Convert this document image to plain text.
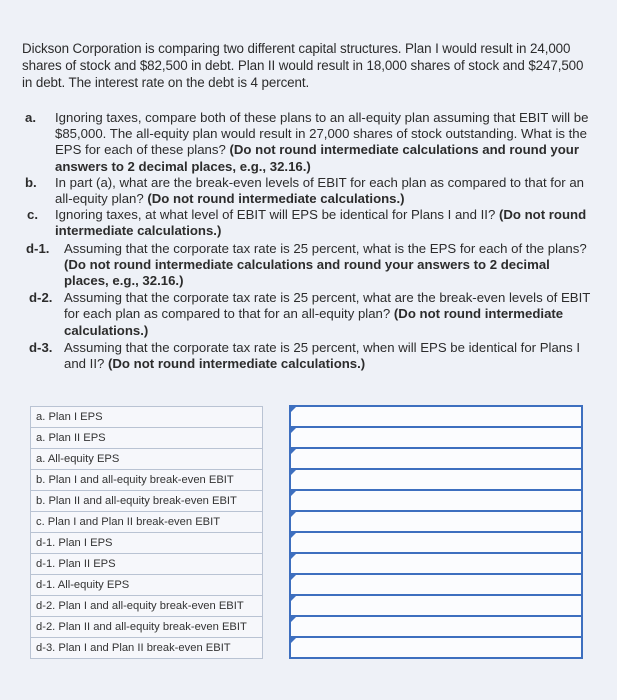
Dickson Corporation is comparing two different capital structures. Plan I would result in 24,000 shares of stock and $82,500 in debt. Plan II would result in 18,000 shares of stock and $247,500 in debt. The interest rate on the debt is 4 percent.
a. Ignoring taxes, compare both of these plans to an all-equity plan assuming that EBIT will be $85,000. The all-equity plan would result in 27,000 shares of stock outstanding. What is the EPS for each of these plans? (Do not round intermediate calculations and round your answers to 2 decimal places, e.g., 32.16.)
b. In part (a), what are the break-even levels of EBIT for each plan as compared to that for an all-equity plan? (Do not round intermediate calculations.)
c. Ignoring taxes, at what level of EBIT will EPS be identical for Plans I and II? (Do not round intermediate calculations.)
d-1. Assuming that the corporate tax rate is 25 percent, what is the EPS for each of the plans? (Do not round intermediate calculations and round your answers to 2 decimal places, e.g., 32.16.)
d-2. Assuming that the corporate tax rate is 25 percent, what are the break-even levels of EBIT for each plan as compared to that for an all-equity plan? (Do not round intermediate calculations.)
d-3. Assuming that the corporate tax rate is 25 percent, when will EPS be identical for Plans I and II? (Do not round intermediate calculations.)
a. Plan I EPS		

a. Plan II EPS		

a. All-equity EPS		

b. Plan I and all-equity break-even EBIT		

b. Plan II and all-equity break-even EBIT		

c. Plan I and Plan II break-even EBIT		

d-1. Plan I EPS		

d-1. Plan II EPS		

d-1. All-equity EPS		

d-2. Plan I and all-equity break-even EBIT		

d-2. Plan II and all-equity break-even EBIT		

d-3. Plan I and Plan II break-even EBIT		
